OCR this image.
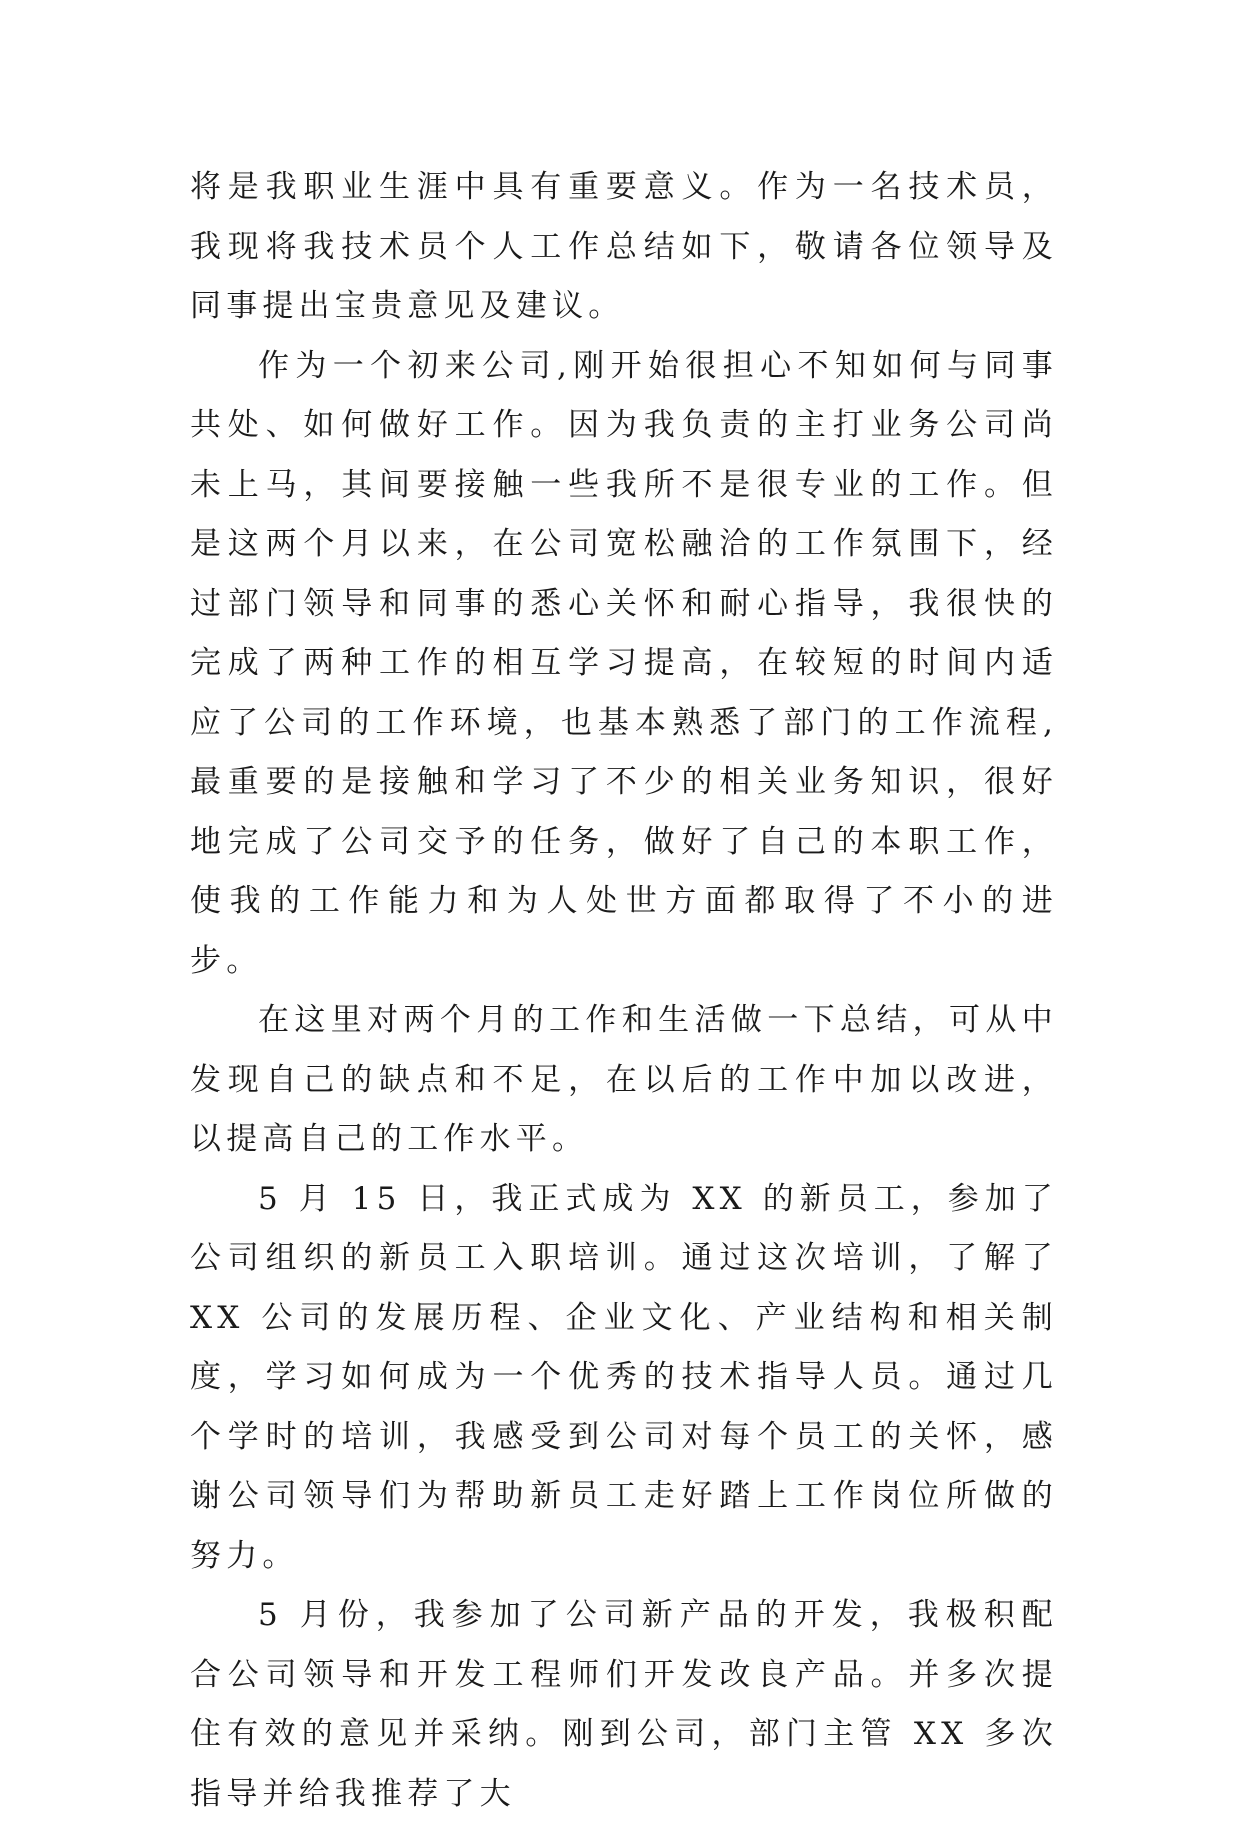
将是我职业生涯中具有重要意义。作为一名技术员，我现将我技术员个人工作总结如下，敬请各位领导及同事提出宝贵意见及建议。

作为一个初来公司,刚开始很担心不知如何与同事共处、如何做好工作。因为我负责的主打业务公司尚未上马，其间要接触一些我所不是很专业的工作。但是这两个月以来，在公司宽松融洽的工作氛围下，经过部门领导和同事的悉心关怀和耐心指导，我很快的完成了两种工作的相互学习提高，在较短的时间内适应了公司的工作环境，也基本熟悉了部门的工作流程,最重要的是接触和学习了不少的相关业务知识，很好地完成了公司交予的任务，做好了自己的本职工作，使我的工作能力和为人处世方面都取得了不小的进步。

在这里对两个月的工作和生活做一下总结，可从中发现自己的缺点和不足，在以后的工作中加以改进，以提高自己的工作水平。

5 月 15 日，我正式成为 XX 的新员工，参加了公司组织的新员工入职培训。通过这次培训，了解了 XX 公司的发展历程、企业文化、产业结构和相关制度，学习如何成为一个优秀的技术指导人员。通过几个学时的培训，我感受到公司对每个员工的关怀，感谢公司领导们为帮助新员工走好踏上工作岗位所做的努力。

5 月份，我参加了公司新产品的开发，我极积配合公司领导和开发工程师们开发改良产品。并多次提住有效的意见并采纳。刚到公司，部门主管 XX 多次指导并给我推荐了大
